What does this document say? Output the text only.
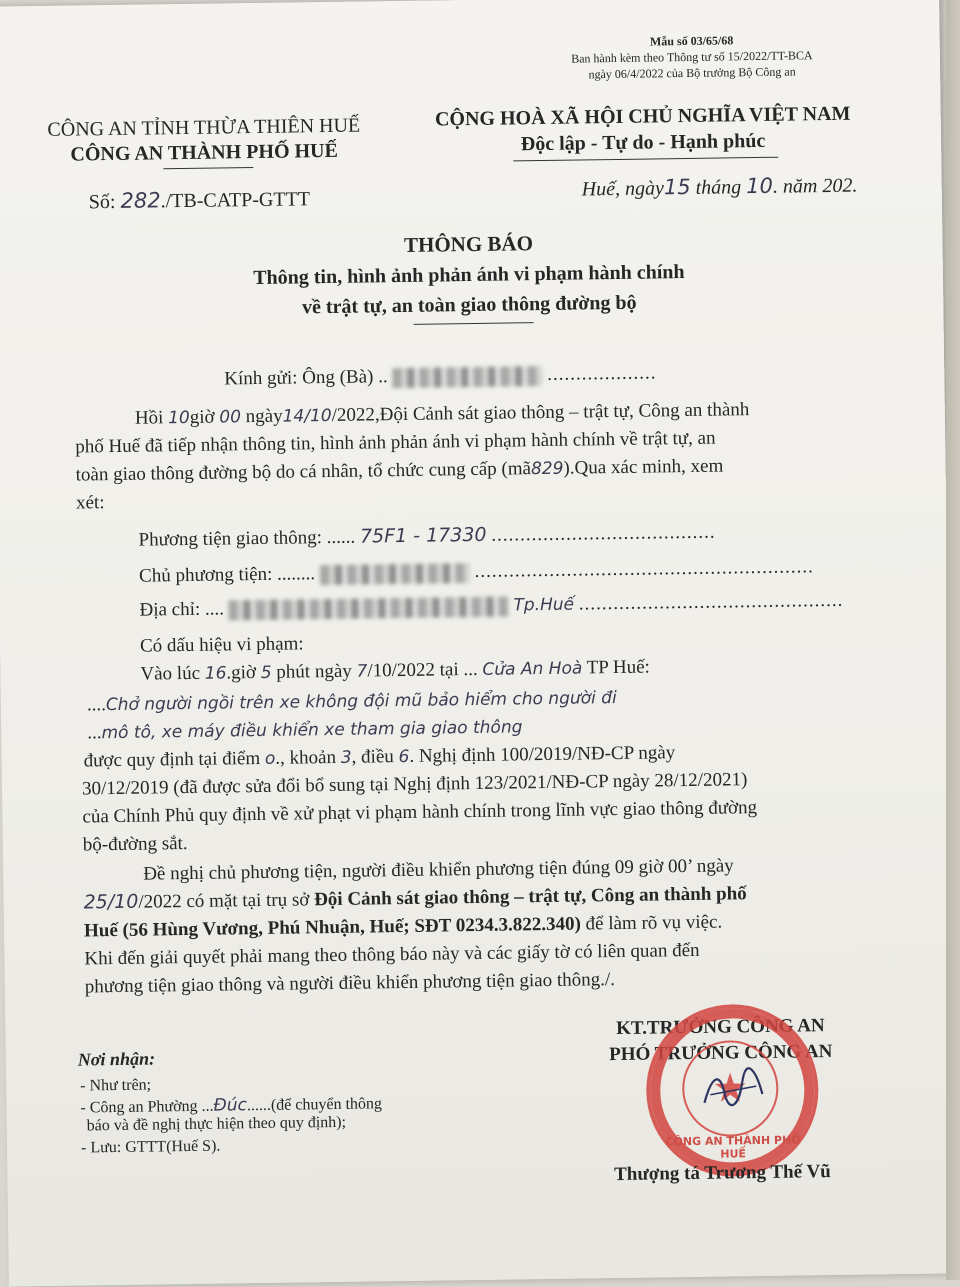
Mẫu số 03/65/68
Ban hành kèm theo Thông tư số 15/2022/TT-BCA
ngày 06/4/2022 của Bộ trưởng Bộ Công an
CÔNG AN TỈNH THỪA THIÊN HUẾ
CÔNG AN THÀNH PHỐ HUẾ
CỘNG HOÀ XÃ HỘI CHỦ NGHĨA VIỆT NAM
Độc lập - Tự do - Hạnh phúc
Số: 282./TB-CATP-GTTT	Huế, ngày15 tháng 10. năm 202.
THÔNG BÁO
Thông tin, hình ảnh phản ánh vi phạm hành chính
về trật tự, an toàn giao thông đường bộ
Kính gửi: Ông (Bà) ..	...................
Hồi 10giờ 00 ngày14/10/2022,Đội Cảnh sát giao thông – trật tự, Công an thành
phố Huế đã tiếp nhận thông tin, hình ảnh phản ánh vi phạm hành chính về trật tự, an
toàn giao thông đường bộ do cá nhân, tổ chức cung cấp (mã829).Qua xác minh, xem
xét:
Phương tiện giao thông: ...... 75F1 - 17330 .......................................
Chủ phương tiện: ........	...........................................................
Địa chỉ: ....	Tp.Huế ..............................................
Có dấu hiệu vi phạm:
Vào lúc 16.giờ 5 phút ngày 7/10/2022 tại ... Cửa An Hoà TP Huế:
....Chở người ngồi trên xe không đội mũ bảo hiểm cho người đi
...mô tô, xe máy điều khiển xe tham gia giao thông
được quy định tại điểm o., khoản 3, điều 6. Nghị định 100/2019/NĐ-CP ngày
30/12/2019 (đã được sửa đổi bổ sung tại Nghị định 123/2021/NĐ-CP ngày 28/12/2021)
của Chính Phủ quy định về xử phạt vi phạm hành chính trong lĩnh vực giao thông đường
bộ-đường sắt.
Đề nghị chủ phương tiện, người điều khiển phương tiện đúng 09 giờ 00’ ngày
25/10/2022 có mặt tại trụ sở Đội Cảnh sát giao thông – trật tự, Công an thành phố
Huế (56 Hùng Vương, Phú Nhuận, Huế; SĐT 0234.3.822.340) để làm rõ vụ việc.
Khi đến giải quyết phải mang theo thông báo này và các giấy tờ có liên quan đến
phương tiện giao thông và người điều khiển phương tiện giao thông./.
Nơi nhận:
- Như trên;
- Công an Phường ...Đúc......(để chuyển thông
báo và đề nghị thực hiện theo quy định);
- Lưu: GTTT(Huế S).
KT.TRƯỞNG CÔNG AN
PHÓ TRƯỞNG CÔNG AN
★
CÔNG AN THÀNH PHỐ HUẾ
Thượng tá Trương Thế Vũ
